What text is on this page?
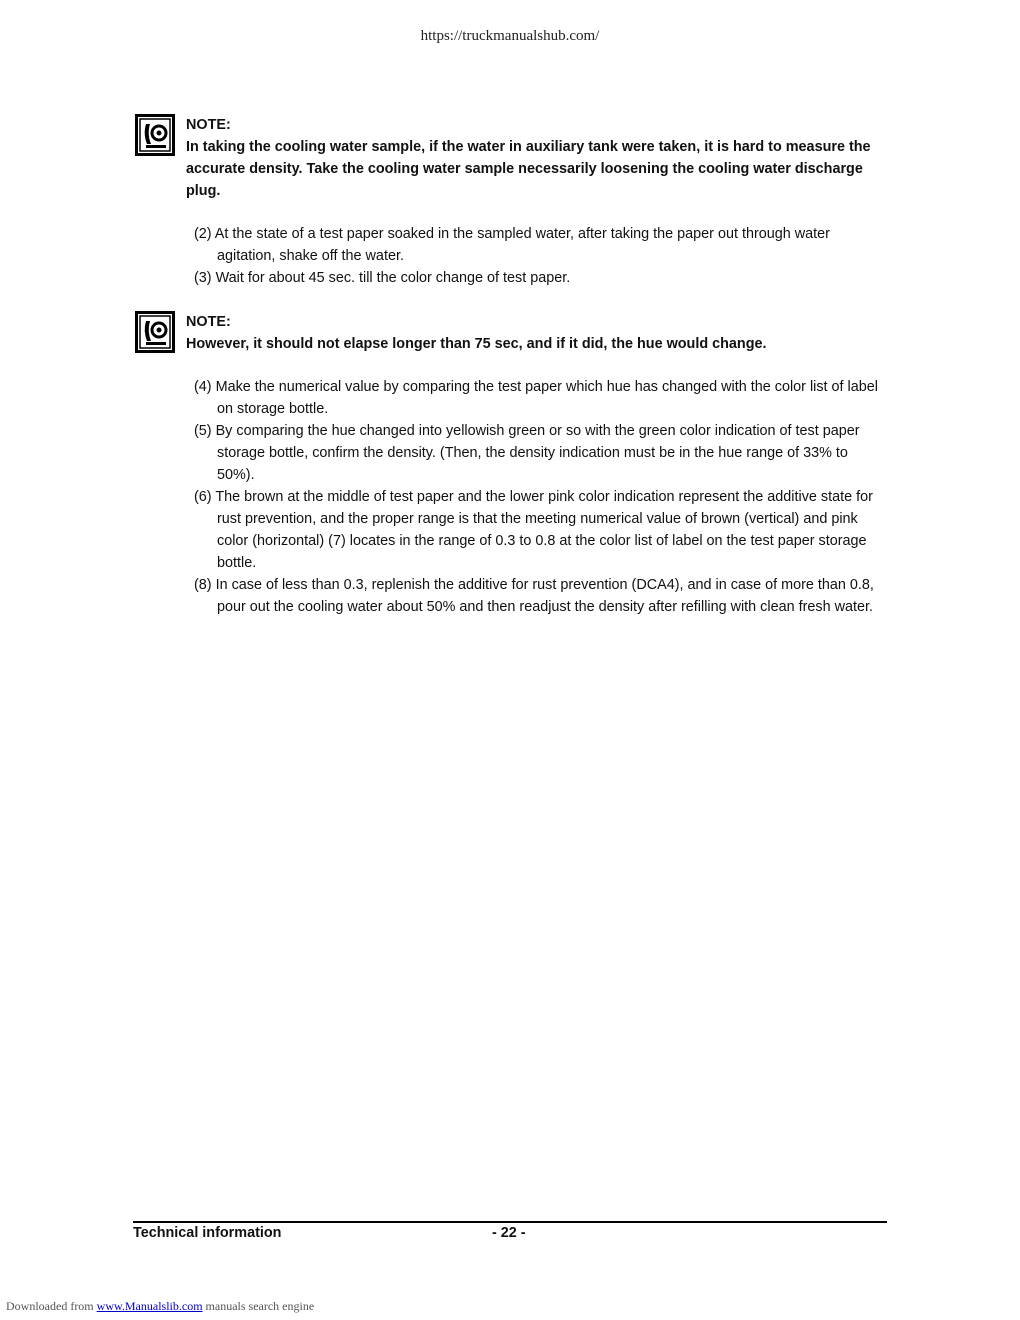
https://truckmanualshub.com/
NOTE:
In taking the cooling water sample, if the water in auxiliary tank were taken, it is hard to measure the accurate density. Take the cooling water sample necessarily loosening the cooling water discharge plug.
(2) At the state of a test paper soaked in the sampled water, after taking the paper out through water agitation, shake off the water.
(3) Wait for about 45 sec. till the color change of test paper.
NOTE:
However, it should not elapse longer than 75 sec, and if it did, the hue would change.
(4) Make the numerical value by comparing the test paper which hue has changed with the color list of label on storage bottle.
(5) By comparing the hue changed into yellowish green or so with the green color indication of test paper storage bottle, confirm the density. (Then, the density indication must be in the hue range of 33% to 50%).
(6) The brown at the middle of test paper and the lower pink color indication represent the additive state for rust prevention, and the proper range is that the meeting numerical value of brown (vertical) and pink color (horizontal) (7) locates in the range of 0.3 to 0.8 at the color list of label on the test paper storage bottle.
(8) In case of less than 0.3, replenish the additive for rust prevention (DCA4), and in case of more than 0.8, pour out the cooling water about 50% and then readjust the density after refilling with clean fresh water.
Technical information	- 22 -
Downloaded from www.Manualslib.com manuals search engine
